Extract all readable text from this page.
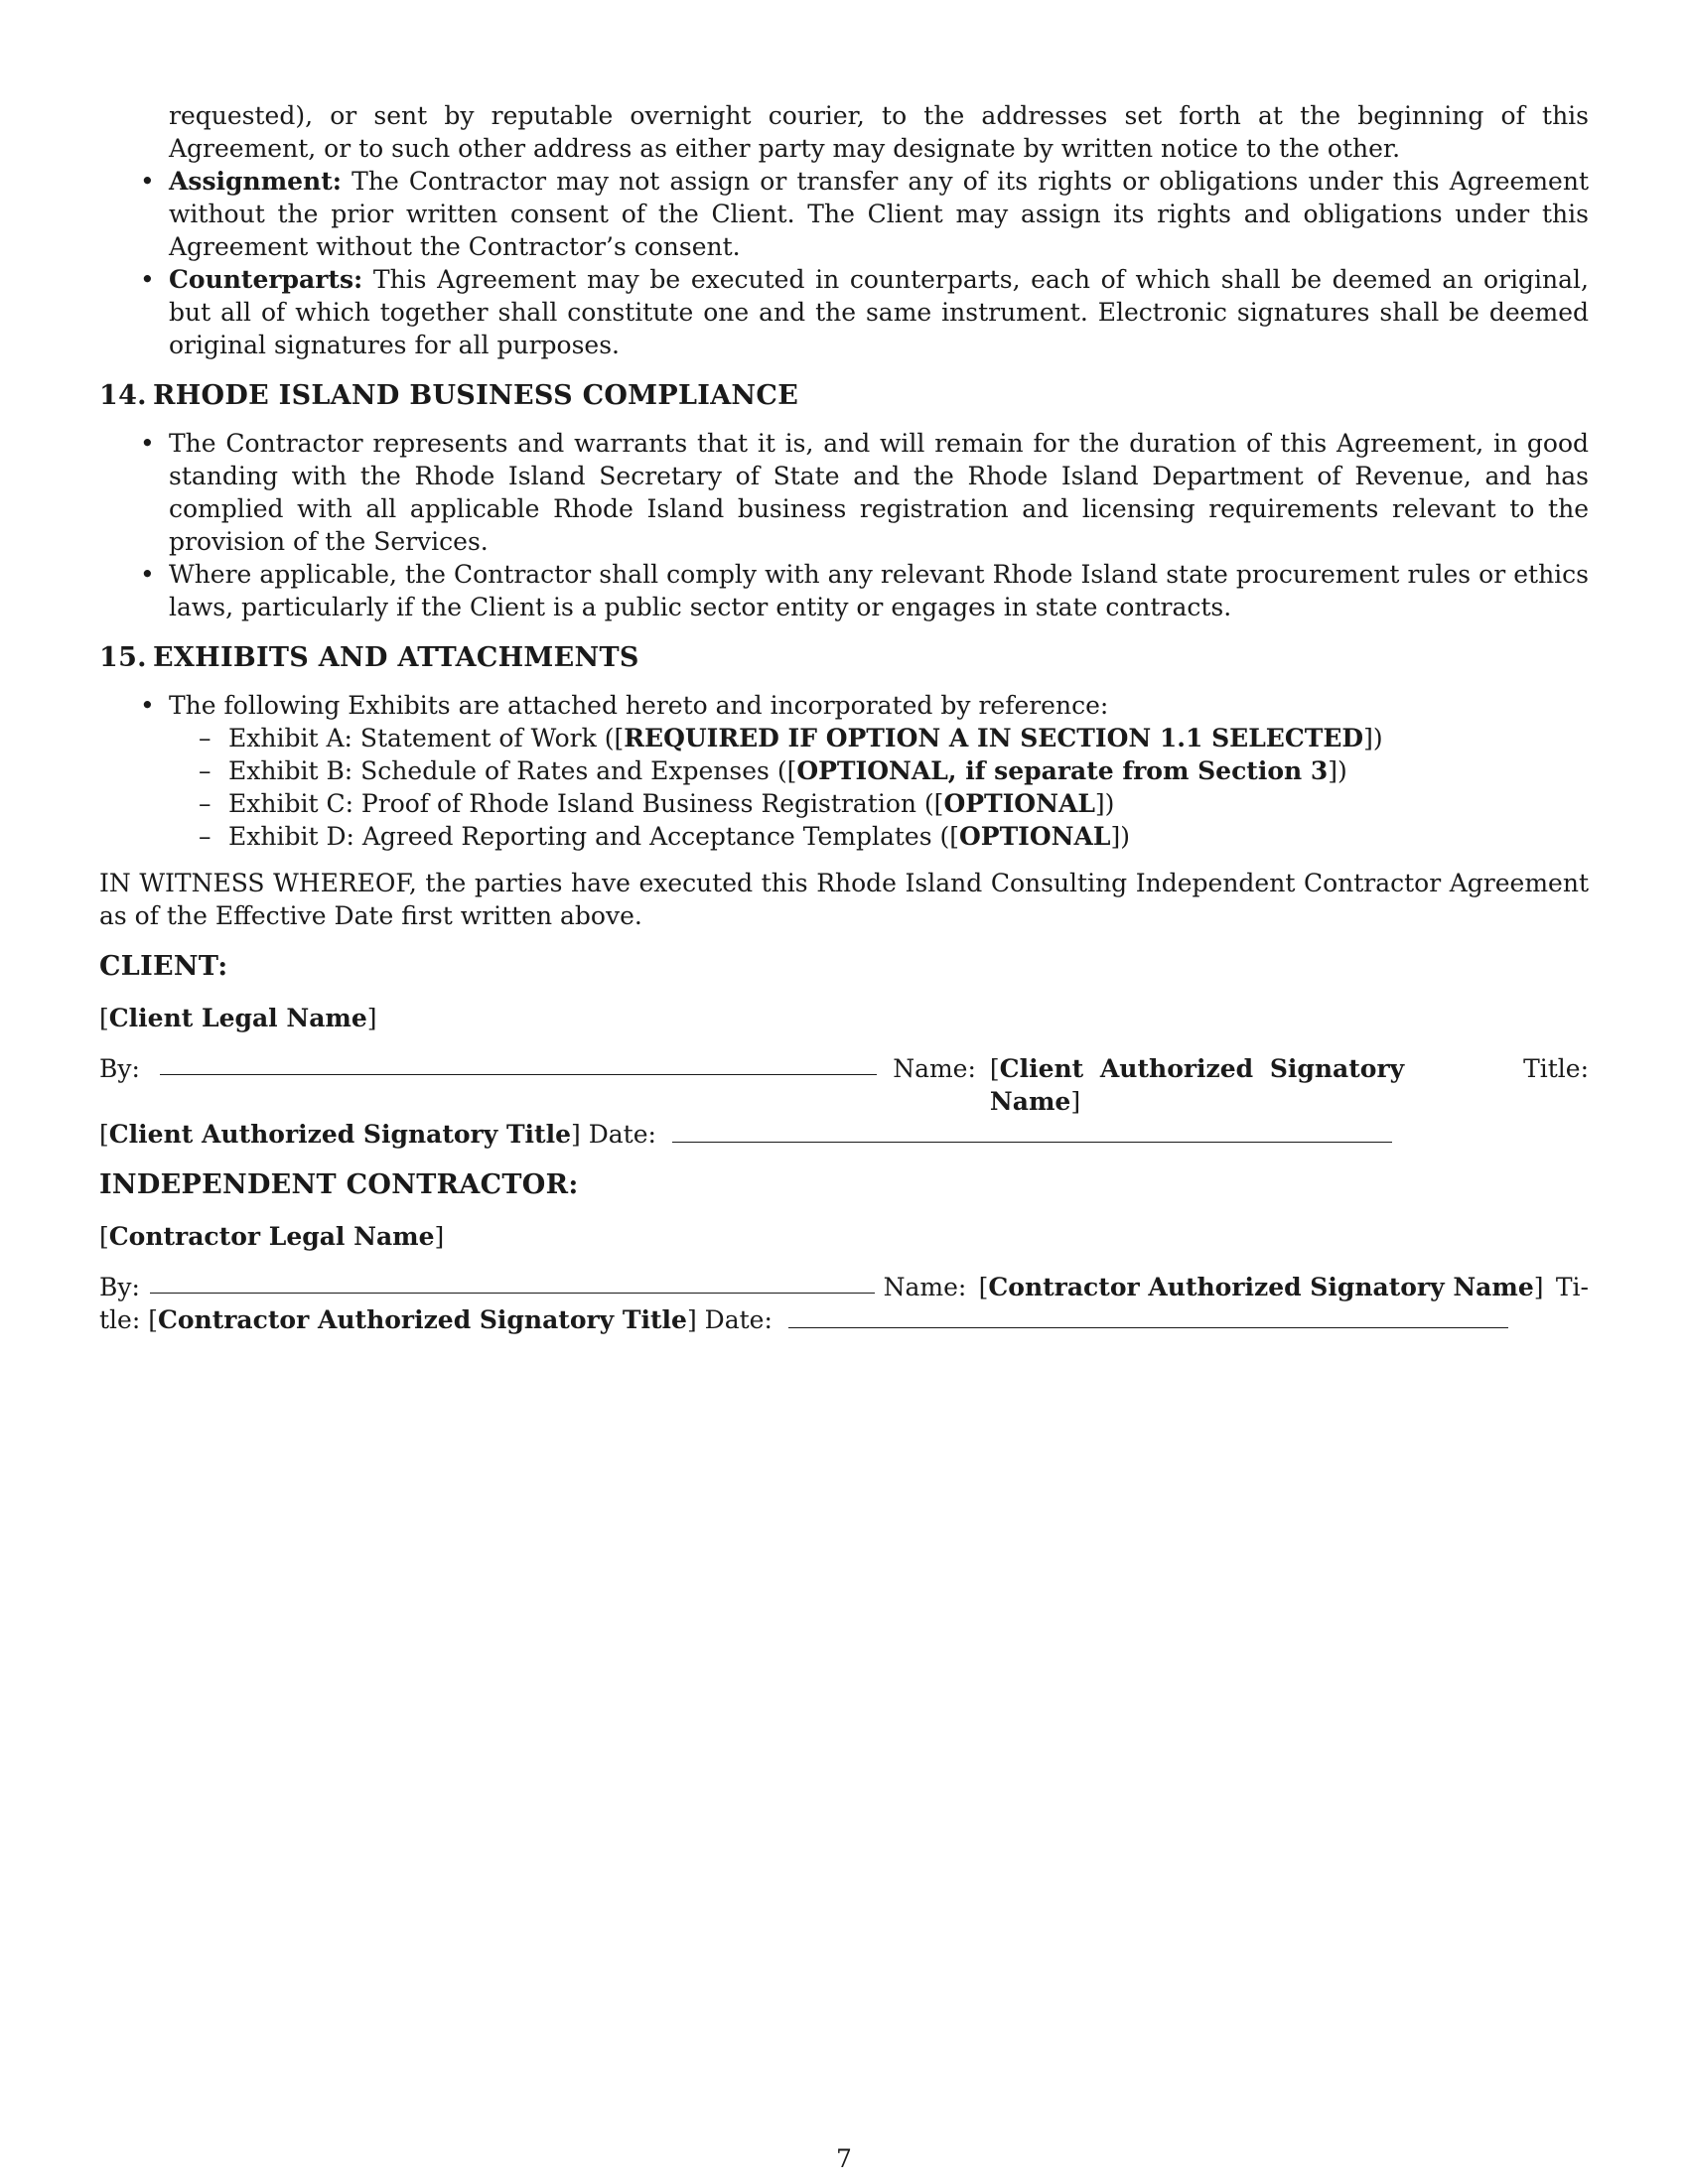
requested), or sent by reputable overnight courier, to the addresses set forth at the beginning of this Agreement, or to such other address as either party may designate by written notice to the other.

• Assignment: The Contractor may not assign or transfer any of its rights or obligations under this Agreement without the prior written consent of the Client. The Client may assign its rights and obligations under this Agreement without the Contractor’s consent.
• Counterparts: This Agreement may be executed in counterparts, each of which shall be deemed an original, but all of which together shall constitute one and the same instrument. Electronic signatures shall be deemed original signatures for all purposes.
14. RHODE ISLAND BUSINESS COMPLIANCE
• The Contractor represents and warrants that it is, and will remain for the duration of this Agreement, in good standing with the Rhode Island Secretary of State and the Rhode Island Department of Revenue, and has complied with all applicable Rhode Island business registration and licensing requirements relevant to the provision of the Services.
• Where applicable, the Contractor shall comply with any relevant Rhode Island state procurement rules or ethics laws, particularly if the Client is a public sector entity or engages in state contracts.
15. EXHIBITS AND ATTACHMENTS
• The following Exhibits are attached hereto and incorporated by reference:
– Exhibit A: Statement of Work ([REQUIRED IF OPTION A IN SECTION 1.1 SELECTED])
– Exhibit B: Schedule of Rates and Expenses ([OPTIONAL, if separate from Section 3])
– Exhibit C: Proof of Rhode Island Business Registration ([OPTIONAL])
– Exhibit D: Agreed Reporting and Acceptance Templates ([OPTIONAL])

IN WITNESS WHEREOF, the parties have executed this Rhode Island Consulting Independent Contractor Agreement as of the Effective Date first written above.

CLIENT:
[Client Legal Name]
By:	Name: [Client Authorized Signatory Name]
Title:
[Client Authorized Signatory Title] Date:
INDEPENDENT CONTRACTOR:
[Contractor Legal Name]
By:	Name: [Contractor Authorized Signatory Name] Ti-
tle: [Contractor Authorized Signatory Title] Date:
7
